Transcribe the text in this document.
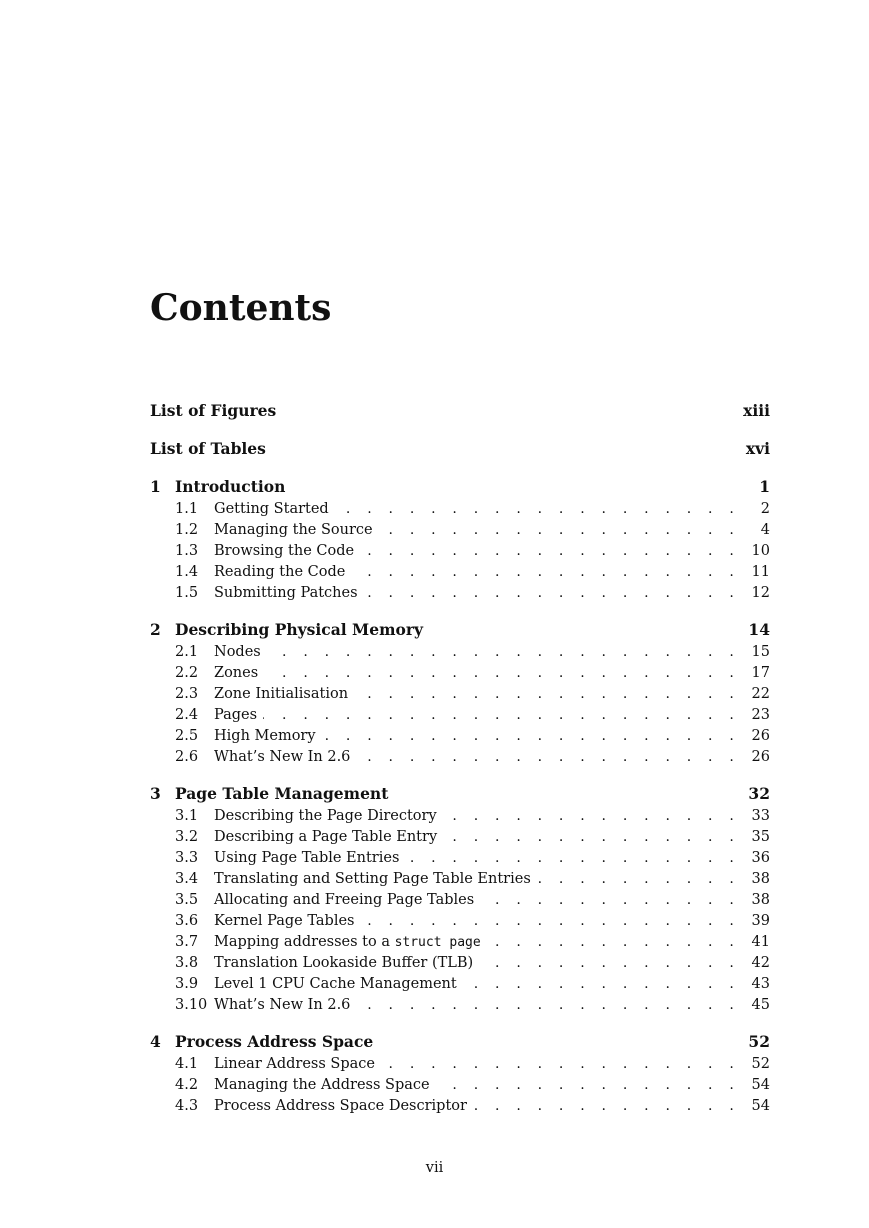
Contents
List of Figures	xiii
List of Tables	xvi
1 Introduction	1
1.1	Getting Started . . .	2
1.2	Managing the Source . . .	4
1.3	Browsing the Code . . .	10
1.4	Reading the Code . . .	11
1.5	Submitting Patches . . .	12
2 Describing Physical Memory	14
2.1	Nodes . . .	15
2.2	Zones . . .	17
2.3	Zone Initialisation . . .	22
2.4	Pages . . .	23
2.5	High Memory . . .	26
2.6	What’s New In 2.6 . . .	26
3 Page Table Management	32
3.1	Describing the Page Directory . . .	33
3.2	Describing a Page Table Entry . . .	35
3.3	Using Page Table Entries . . .	36
3.4	Translating and Setting Page Table Entries . . .	38
3.5	Allocating and Freeing Page Tables . . .	38
3.6	Kernel Page Tables . . .	39
3.7	Mapping addresses to a struct page . . .	41
3.8	Translation Lookaside Buffer (TLB) . . .	42
3.9	Level 1 CPU Cache Management . . .	43
3.10 What’s New In 2.6 . . .	45
4 Process Address Space	52
4.1	Linear Address Space . . .	52
4.2	Managing the Address Space . . .	54
4.3	Process Address Space Descriptor . . .	54
vii
